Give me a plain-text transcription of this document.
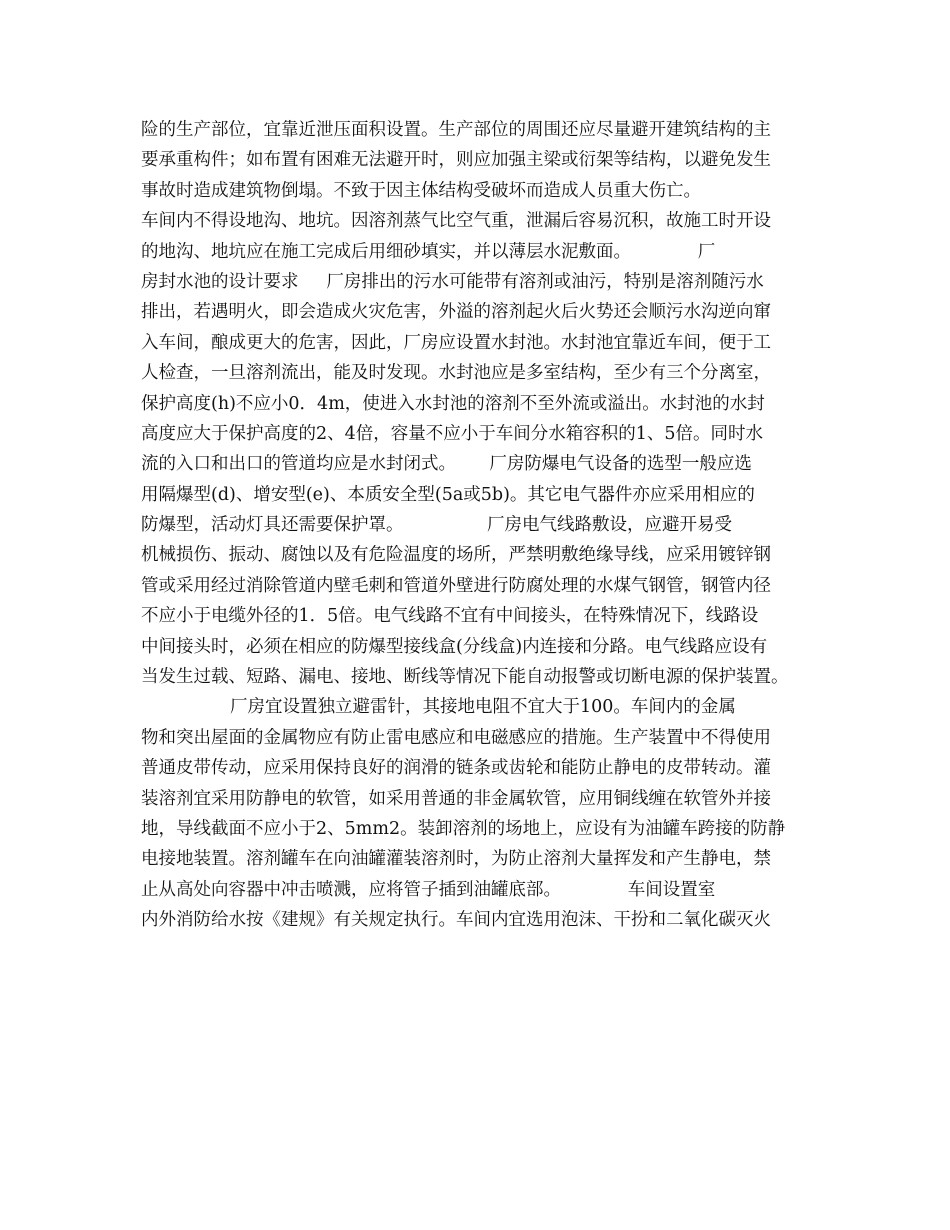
险的生产部位，宜靠近泄压面积设置。生产部位的周围还应尽量避开建筑结构的主
要承重构件；如布置有困难无法避开时，则应加强主梁或衍架等结构，以避免发生
事故时造成建筑物倒塌。不致于因主体结构受破坏而造成人员重大伤亡。
车间内不得设地沟、地坑。因溶剂蒸气比空气重，泄漏后容易沉积，故施工时开设
的地沟、地坑应在施工完成后用细砂填实，并以薄层水泥敷面。            厂
房封水池的设计要求     厂房排出的污水可能带有溶剂或油污，特别是溶剂随污水
排出，若遇明火，即会造成火灾危害，外溢的溶剂起火后火势还会顺污水沟逆向窜
入车间，酿成更大的危害，因此，厂房应设置水封池。水封池宜靠近车间，便于工
人检查，一旦溶剂流出，能及时发现。水封池应是多室结构，至少有三个分离室，
保护高度(h)不应小0．4m，使进入水封池的溶剂不至外流或溢出。水封池的水封
高度应大于保护高度的2、4倍，容量不应小于车间分水箱容积的1、5倍。同时水
流的入口和出口的管道均应是水封闭式。      厂房防爆电气设备的选型一般应选
用隔爆型(d)、增安型(e)、本质安全型(5a或5b)。其它电气器件亦应采用相应的
防爆型，活动灯具还需要保护罩。               厂房电气线路敷设，应避开易受
机械损伤、振动、腐蚀以及有危险温度的场所，严禁明敷绝缘导线，应采用镀锌钢
管或采用经过消除管道内壁毛刺和管道外壁进行防腐处理的水煤气钢管，钢管内径
不应小于电缆外径的1．5倍。电气线路不宜有中间接头，在特殊情况下，线路设
中间接头时，必须在相应的防爆型接线盒(分线盒)内连接和分路。电气线路应设有
当发生过载、短路、漏电、接地、断线等情况下能自动报警或切断电源的保护装置。
厂房宜设置独立避雷针，其接地电阻不宜大于100。车间内的金属
物和突出屋面的金属物应有防止雷电感应和电磁感应的措施。生产装置中不得使用
普通皮带传动，应采用保持良好的润滑的链条或齿轮和能防止静电的皮带转动。灌
装溶剂宜采用防静电的软管，如采用普通的非金属软管，应用铜线缠在软管外并接
地，导线截面不应小于2、5mm2。装卸溶剂的场地上，应设有为油罐车跨接的防静
电接地装置。溶剂罐车在向油罐灌装溶剂时，为防止溶剂大量挥发和产生静电，禁
止从高处向容器中冲击喷溅，应将管子插到油罐底部。            车间设置室
内外消防给水按《建规》有关规定执行。车间内宜选用泡沫、干扮和二氧化碳灭火
